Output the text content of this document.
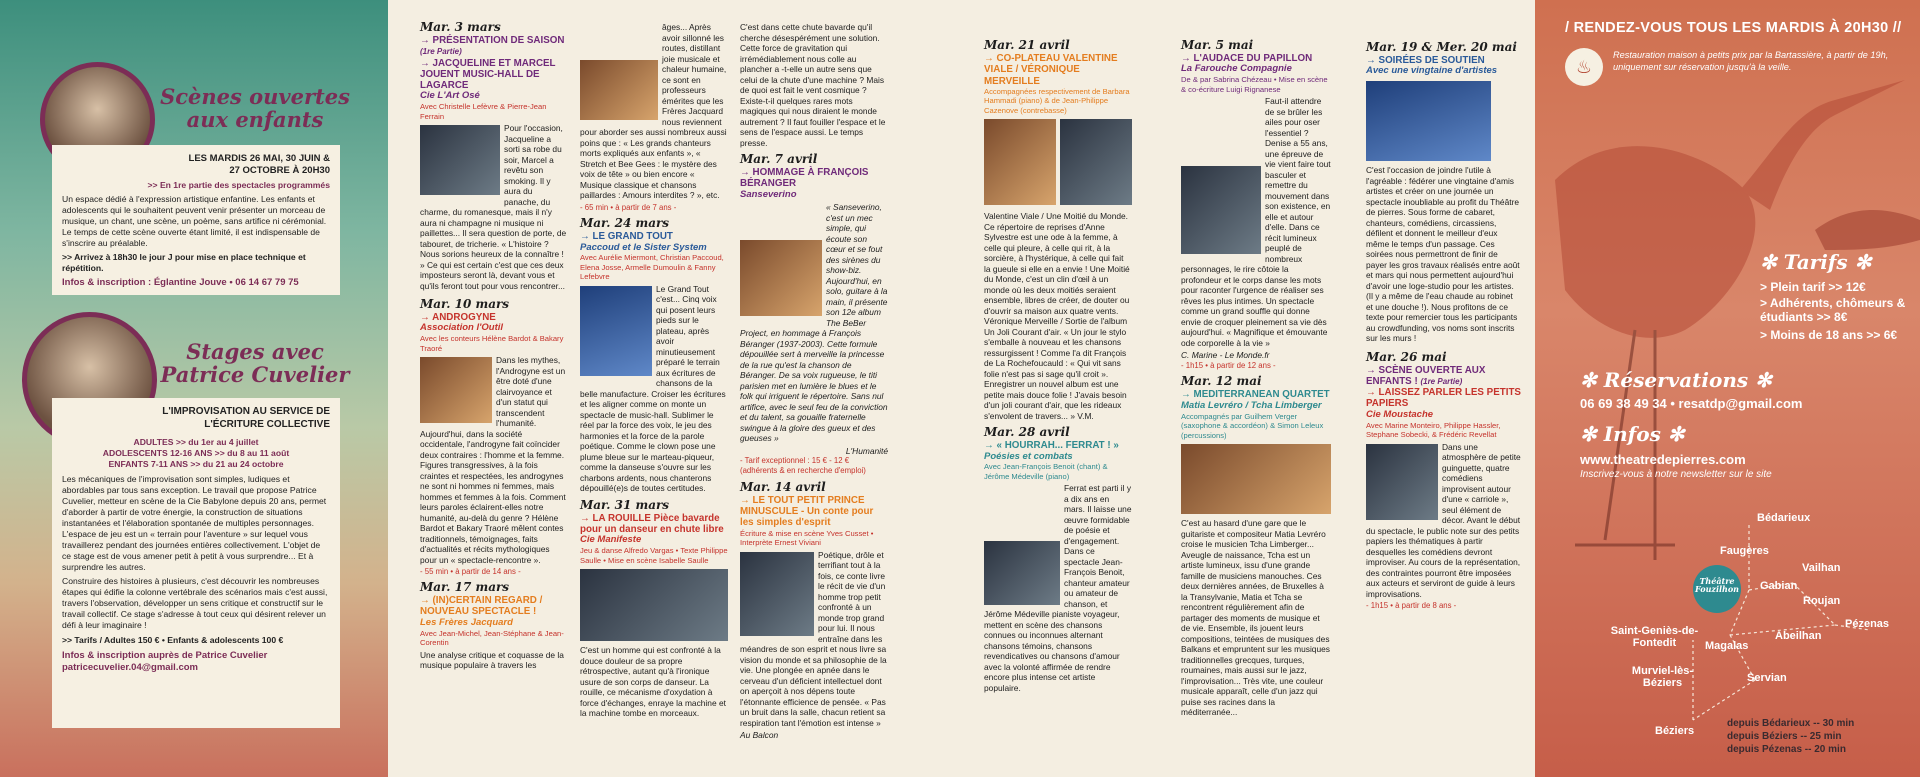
Scènes ouvertes aux enfants
LES MARDIS 26 MAI, 30 JUIN & 27 OCTOBRE À 20H30
>> En 1re partie des spectacles programmés
Un espace dédié à l'expression artistique enfantine. Les enfants et adolescents qui le souhaitent peuvent venir présenter un morceau de musique, un chant, une scène, un poème, sans artifice ni cérémonial. Le temps de cette scène ouverte étant limité, il est indispensable de s'inscrire au préalable.
>> Arrivez à 18h30 le jour J pour mise en place technique et répétition.
Infos & inscription : Églantine Jouve • 06 14 67 79 75
Stages avec Patrice Cuvelier
L'IMPROVISATION AU SERVICE DE L'ÉCRITURE COLLECTIVE
ADULTES >> du 1er au 4 juillet
ADOLESCENTS 12-16 ANS >> du 8 au 11 août
ENFANTS 7-11 ANS >> du 21 au 24 octobre
Les mécaniques de l'improvisation sont simples, ludiques et abordables par tous sans exception. Le travail que propose Patrice Cuvelier, metteur en scène de la Cie Babylone depuis 20 ans, permet d'aborder à partir de votre énergie, la construction de situations instantanées et l'élaboration spontanée de multiples personnages. L'espace de jeu est un « terrain pour l'aventure » sur lequel vous travaillerez pendant des journées entières collectivement. L'objet de ce stage est de vous amener petit à petit à vous surprendre... Et à surprendre les autres.
Construire des histoires à plusieurs, c'est découvrir les nombreuses étapes qui édifie la colonne vertébrale des scénarios mais c'est aussi, travers l'observation, développer un sens critique et constructif sur le travail collectif. Ce stage s'adresse à tout ceux qui désirent relever un défi à leur imaginaire !
>> Tarifs / Adultes 150 € • Enfants & adolescents 100 €
Infos & inscription auprès de Patrice Cuvelier
patricecuvelier.04@gmail.com
Mar. 3 mars
→ PRÉSENTATION DE SAISON (1re Partie)
→ JACQUELINE ET MARCEL JOUENT MUSIC-HALL DE LAGARCE
Cie L'Art Osé
Avec Christelle Lefèvre & Pierre-Jean Ferrain
Pour l'occasion, Jacqueline a sorti sa robe du soir, Marcel a revêtu son smoking. Il y aura du panache, du charme, du romanesque, mais il n'y aura ni champagne ni musique ni paillettes... Il sera question de porte, de tabouret, de tricherie. « L'histoire ? Nous sorions heureux de la connaître ! » Ce qui est certain c'est que ces deux imposteurs seront là, devant vous et qu'ils feront tout pour vous rencontrer...
Mar. 10 mars
→ ANDROGYNE
Association l'Outil
Avec les conteurs Hélène Bardot & Bakary Traoré
Dans les mythes, l'Androgyne est un être doté d'une clairvoyance et d'un statut qui transcendent l'humanité. Aujourd'hui, dans la société occidentale, l'androgyne fait coïncider deux contraires : l'homme et la femme. Figures transgressives, à la fois craintes et respectées, les androgynes ne sont ni hommes ni femmes, mais hommes et femmes à la fois. Comment leurs paroles éclairent-elles notre humanité, au-delà du genre ? Hélène Bardot et Bakary Traoré mêlent contes traditionnels, témoignages, faits d'actualités et récits mythologiques pour un « spectacle-rencontre ».
- 55 min • à partir de 14 ans -
Mar. 17 mars
→ (IN)CERTAIN REGARD / NOUVEAU SPECTACLE !
Les Frères Jacquard
Avec Jean-Michel, Jean-Stéphane & Jean-Corentin
Une analyse critique et coquasse de la musique populaire à travers les
âges... Après avoir sillonné les routes, distillant joie musicale et chaleur humaine, ce sont en professeurs émérites que les Frères Jacquard nous reviennent pour aborder ses aussi nombreux aussi poins que : « Les grands chanteurs morts expliqués aux enfants », « Stretch et Bee Gees : le mystère des voix de tête » ou bien encore « Musique classique et chansons paillardes : Amours interdites ? », etc.
- 65 min • à partir de 7 ans -
Mar. 24 mars
→ LE GRAND TOUT
Paccoud et le Sister System
Avec Aurélie Miermont, Christian Paccoud, Elena Josse, Armelle Dumoulin & Fanny Lefebvre
Le Grand Tout c'est... Cinq voix qui posent leurs pieds sur le plateau, après avoir minutieusement préparé le terrain aux écritures de chansons de la belle manufacture. Croiser les écritures et les aligner comme on monte un spectacle de music-hall. Sublimer le réel par la force des voix, le jeu des harmonies et la force de la parole poétique. Comme le clown pose une plume bleue sur le marteau-piqueur, comme la danseuse s'ouvre sur les charbons ardents, nous chanterons dépouillé(e)s de toutes certitudes.
Mar. 31 mars
→ LA ROUILLE Pièce bavarde pour un danseur en chute libre
Cie Manifeste
Jeu & danse Alfredo Vargas • Texte Philippe Saulle • Mise en scène Isabelle Saulle
C'est un homme qui est confronté à la douce douleur de sa propre rétrospective, autant qu'à l'ironique usure de son corps de danseur. La rouille, ce mécanisme d'oxydation à force d'échanges, enraye la machine et la machine tombe en morceaux.
C'est dans cette chute bavarde qu'il cherche désespérément une solution. Cette force de gravitation qui irrémédiablement nous colle au plancher a -t-elle un autre sens que celui de la chute d'une machine ? Mais de quoi est fait le vent cosmique ? Existe-t-il quelques rares mots magiques qui nous diraient le monde autrement ? Il faut fouiller l'espace et le sens de l'espace aussi. Le temps presse.
Mar. 7 avril
→ HOMMAGE À FRANÇOIS BÉRANGER
Sanseverino
« Sanseverino, c'est un mec simple, qui écoute son cœur et se fout des sirènes du show-biz. Aujourd'hui, en solo, guitare à la main, il présente son 12e album The BeBer Project, en hommage à François Béranger (1937-2003). Cette formule dépouillée sert à merveille la princesse de la rue qu'est la chanson de Béranger. De sa voix rugueuse, le titi parisien met en lumière le blues et le folk qui irriguent le répertoire. Sans nul artifice, avec le seul feu de la conviction et du talent, sa gouaille fraternelle swingue à la gloire des gueux et des gueuses »
L'Humanité
- Tarif exceptionnel : 15 € - 12 € (adhérents & en recherche d'emploi)
Mar. 14 avril
→ LE TOUT PETIT PRINCE MINUSCULE - Un conte pour les simples d'esprit
Écriture & mise en scène Yves Cusset • Interprète Ernest Viviani
Poétique, drôle et terrifiant tout à la fois, ce conte livre le récit de vie d'un homme trop petit confronté à un monde trop grand pour lui. Il nous entraîne dans les méandres de son esprit et nous livre sa vision du monde et sa philosophie de la vie. Une plongée en apnée dans le cerveau d'un déficient intellectuel dont on aperçoit à nos dépens toute l'étonnante efficience de pensée. « Pas un bruit dans la salle, chacun retient sa respiration tant l'émotion est intense »
Au Balcon
Mar. 21 avril
→ CO-PLATEAU VALENTINE VIALE / VÉRONIQUE MERVEILLE
Accompagnées respectivement de Barbara Hammadi (piano) & de Jean-Philippe Cazenove (contrebasse)
Valentine Viale / Une Moitié du Monde. Ce répertoire de reprises d'Anne Sylvestre est une ode à la femme, à celle qui pleure, à celle qui rit, à la sorcière, à l'hystérique, à celle qui fait la gueule si elle en a envie ! Une Moitié du Monde, c'est un clin d'œil à un monde où les deux moitiés seraient ensemble, libres de créer, de douter ou d'ouvrir sa maison aux quatre vents. Véronique Merveille / Sortie de l'album Un Joli Courant d'air. « Un jour le stylo s'emballe à nouveau et les chansons ressurgissent ! Comme l'a dit François de La Rochefoucauld : « Qui vit sans folie n'est pas si sage qu'il croit ». Enregistrer un nouvel album est une petite mais douce folie ! J'avais besoin d'un joli courant d'air, que les rideaux s'envolent de travers... » V.M.
Mar. 28 avril
→ « HOURRAH... FERRAT ! »
Poésies et combats
Avec Jean-François Benoit (chant) & Jérôme Médeville (piano)
Ferrat est parti il y a dix ans en mars. Il laisse une œuvre formidable de poésie et d'engagement. Dans ce spectacle Jean-François Benoit, chanteur amateur ou amateur de chanson, et Jérôme Médeville pianiste voyageur, mettent en scène des chansons connues ou inconnues alternant chansons témoins, chansons revendicatives ou chansons d'amour avec la volonté affirmée de rendre encore plus intense cet artiste populaire.
Mar. 5 mai
→ L'AUDACE DU PAPILLON
La Farouche Compagnie
De & par Sabrina Chézeau • Mise en scène & co-écriture Luigi Rignanese
Faut-il attendre de se brûler les ailes pour oser l'essentiel ? Denise a 55 ans, une épreuve de vie vient faire tout basculer et remettre du mouvement dans son existence, en elle et autour d'elle. Dans ce récit lumineux peuplé de nombreux personnages, le rire côtoie la profondeur et le corps danse les mots pour raconter l'urgence de réaliser ses rêves les plus intimes. Un spectacle comme un grand souffle qui donne envie de croquer pleinement sa vie dès aujourd'hui. « Magnifique et émouvante ode corporelle à la vie »
C. Marine - Le Monde.fr
- 1h15 • à partir de 12 ans -
Mar. 12 mai
→ MEDITERRANEAN QUARTET
Matia Levréro / Tcha Limberger
Accompagnés par Guilhem Verger (saxophone & accordéon) & Simon Leleux (percussions)
C'est au hasard d'une gare que le guitariste et compositeur Matia Levréro croise le musicien Tcha Limberger... Aveugle de naissance, Tcha est un artiste lumineux, issu d'une grande famille de musiciens manouches. Ces deux dernières années, de Bruxelles à la Transylvanie, Matia et Tcha se rencontrent régulièrement afin de partager des moments de musique et de vie. Ensemble, ils jouent leurs compositions, teintées de musiques des Balkans et empruntent sur les musiques traditionnelles grecques, turques, roumaines, mais aussi sur le jazz, l'improvisation... Très vite, une couleur musicale apparaît, celle d'un jazz qui puise ses racines dans la méditerranée...
Mar. 19 & Mer. 20 mai
→ SOIRÉES DE SOUTIEN
Avec une vingtaine d'artistes
C'est l'occasion de joindre l'utile à l'agréable : fédérer une vingtaine d'amis artistes et créer on une journée un spectacle inoubliable au profit du Théâtre de pierres. Sous forme de cabaret, chanteurs, comédiens, circassiens, défilent et donnent le meilleur d'eux même le temps d'un passage. Ces soirées nous permettront de finir de payer les gros travaux réalisés entre août et mars qui nous permettent aujourd'hui d'avoir une loge-studio pour les artistes. (Il y a même de l'eau chaude au robinet et une douche !). Nous profitons de ce texte pour remercier tous les participants au crowdfunding, vos noms sont inscrits sur les murs !
Mar. 26 mai
→ SCÈNE OUVERTE AUX ENFANTS ! (1re Partie)
→ LAISSEZ PARLER LES PETITS PAPIERS
Cie Moustache
Avec Marine Monteiro, Philippe Hassler, Stephane Sobecki, & Frédéric Revellat
Dans une atmosphère de petite guinguette, quatre comédiens improvisent autour d'une « carriole », seul élément de décor. Avant le début du spectacle, le public note sur des petits papiers les thématiques à partir desquelles les comédiens devront improviser. Au cours de la représentation, des contraintes pourront être imposées aux acteurs et serviront de guide à leurs improvisations.
- 1h15 • à partir de 8 ans -
/ RENDEZ-VOUS TOUS LES MARDIS À 20H30 //
♨
Restauration maison à petits prix par la Bartassière, à partir de 19h, uniquement sur réservation jusqu'à la veille.
✻ Tarifs ✻
> Plein tarif >> 12€
> Adhérents, chômeurs & étudiants >> 8€
> Moins de 18 ans >> 6€
✻ Réservations ✻
06 69 38 49 34 • resatdp@gmail.com
✻ Infos ✻
www.theatredepierres.com
Inscrivez-vous à notre newsletter sur le site
Théâtre Fouzilhon
Bédarieux
Faugères
Vailhan
Gabian
Roujan
Saint-Geniès-de-Fontedit
Abeilhan
Pézenas
Magalas
Servian
Murviel-lès-Béziers
Béziers
depuis Bédarieux -- 30 min
depuis Béziers -- 25 min
depuis Pézenas -- 20 min
